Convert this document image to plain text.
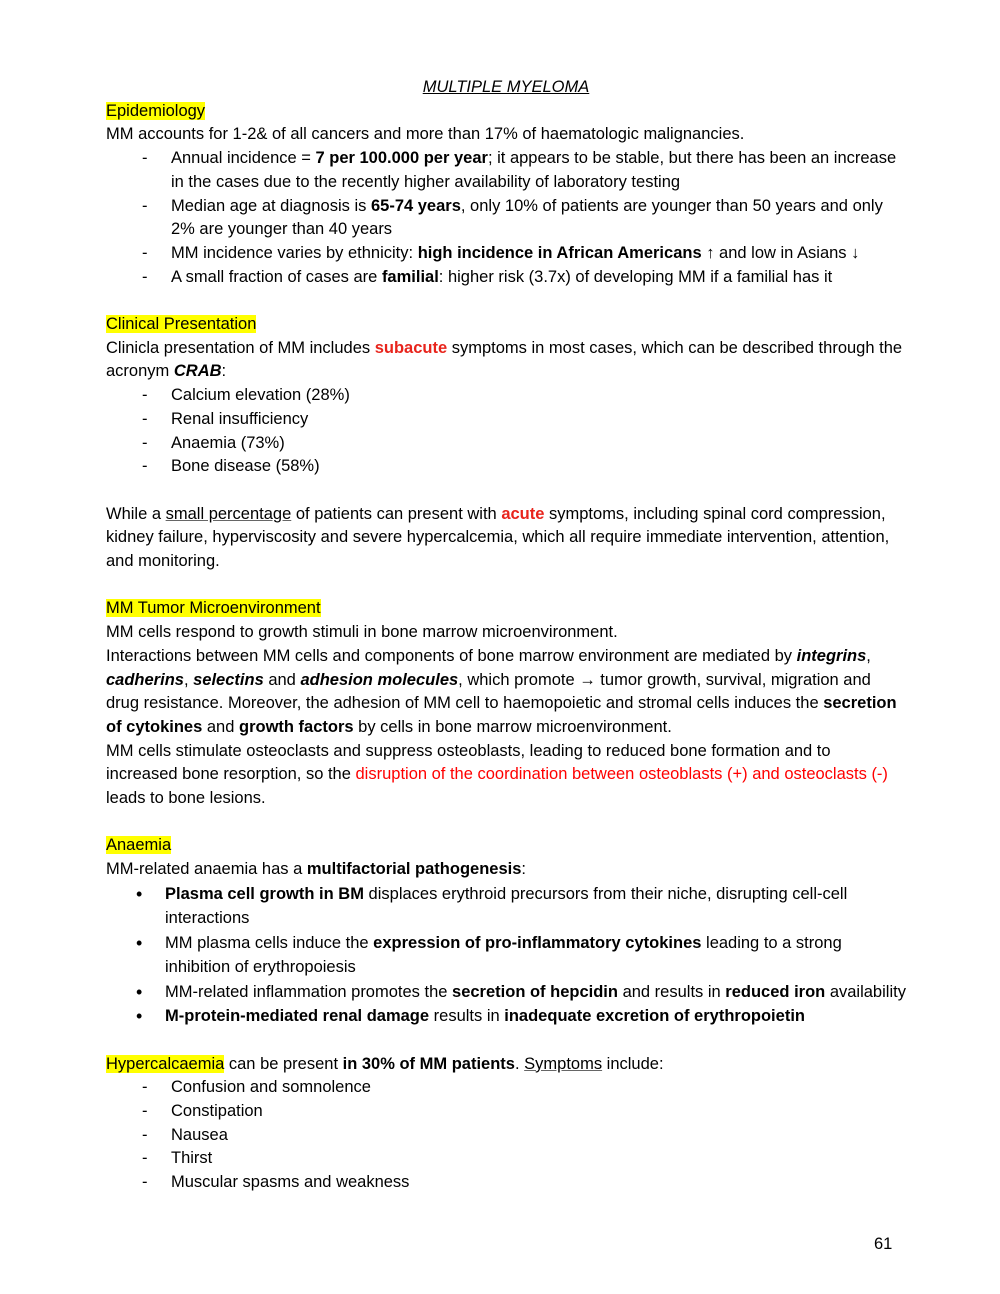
MULTIPLE MYELOMA

Epidemiology

MM accounts for 1-2& of all cancers and more than 17% of haematologic malignancies.

- Annual incidence = 7 per 100.000 per year; it appears to be stable, but there has been an increase in the cases due to the recently higher availability of laboratory testing
- Median age at diagnosis is 65-74 years, only 10% of patients are younger than 50 years and only 2% are younger than 40 years
- MM incidence varies by ethnicity: high incidence in African Americans ↑ and low in Asians ↓
- A small fraction of cases are familial: higher risk (3.7x) of developing MM if a familial has it

Clinical Presentation

Clinicla presentation of MM includes subacute symptoms in most cases, which can be described through the acronym CRAB:

- Calcium elevation (28%)
- Renal insufficiency
- Anaemia (73%)
- Bone disease (58%)

While a small percentage of patients can present with acute symptoms, including spinal cord compression, kidney failure, hyperviscosity and severe hypercalcemia, which all require immediate intervention, attention, and monitoring.

MM Tumor Microenvironment

MM cells respond to growth stimuli in bone marrow microenvironment.

Interactions between MM cells and components of bone marrow environment are mediated by integrins, cadherins, selectins and adhesion molecules, which promote → tumor growth, survival, migration and drug resistance. Moreover, the adhesion of MM cell to haemopoietic and stromal cells induces the secretion of cytokines and growth factors by cells in bone marrow microenvironment.

MM cells stimulate osteoclasts and suppress osteoblasts, leading to reduced bone formation and to increased bone resorption, so the disruption of the coordination between osteoblasts (+) and osteoclasts (-) leads to bone lesions.

Anaemia

MM-related anaemia has a multifactorial pathogenesis:

• Plasma cell growth in BM displaces erythroid precursors from their niche, disrupting cell-cell interactions
• MM plasma cells induce the expression of pro-inflammatory cytokines leading to a strong inhibition of erythropoiesis
• MM-related inflammation promotes the secretion of hepcidin and results in reduced iron availability
• M-protein-mediated renal damage results in inadequate excretion of erythropoietin

Hypercalcaemia can be present in 30% of MM patients. Symptoms include:

- Confusion and somnolence
- Constipation
- Nausea
- Thirst
- Muscular spasms and weakness
61
